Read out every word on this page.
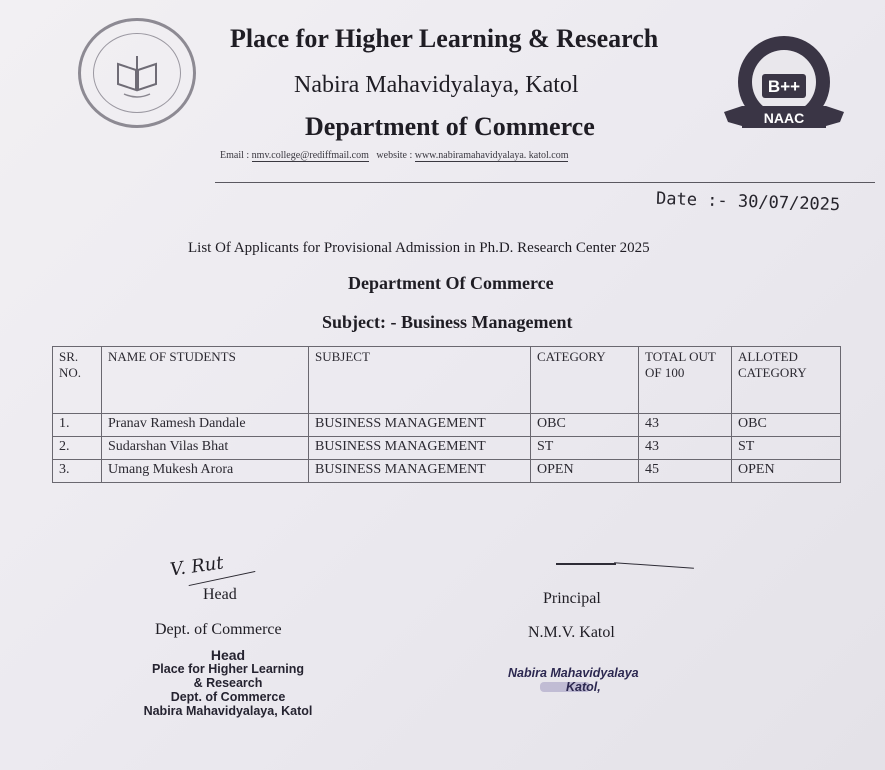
Place for Higher Learning & Research
Nabira Mahavidyalaya, Katol
Department of Commerce
Email : nmv.college@rediffmail.com website : www.nabiramahavidyalaya. katol.com
B++
NAAC
Date :- 30/07/2025
List Of Applicants for Provisional Admission in Ph.D. Research Center 2025
Department Of Commerce
Subject: - Business Management
SR. NO.	NAME OF STUDENTS	SUBJECT	CATEGORY	TOTAL OUT OF 100	ALLOTED CATEGORY
1.	Pranav Ramesh Dandale	BUSINESS MANAGEMENT	OBC	43	OBC
2.	Sudarshan Vilas Bhat	BUSINESS MANAGEMENT	ST	43	ST
3.	Umang Mukesh Arora	BUSINESS MANAGEMENT	OPEN	45	OPEN
V. Rut
Head
Dept. of Commerce
Head
Place for Higher Learning
& Research
Dept. of Commerce
Nabira Mahavidyalaya, Katol
Principal
N.M.V. Katol
Nabira Mahavidyalaya
Katol,
